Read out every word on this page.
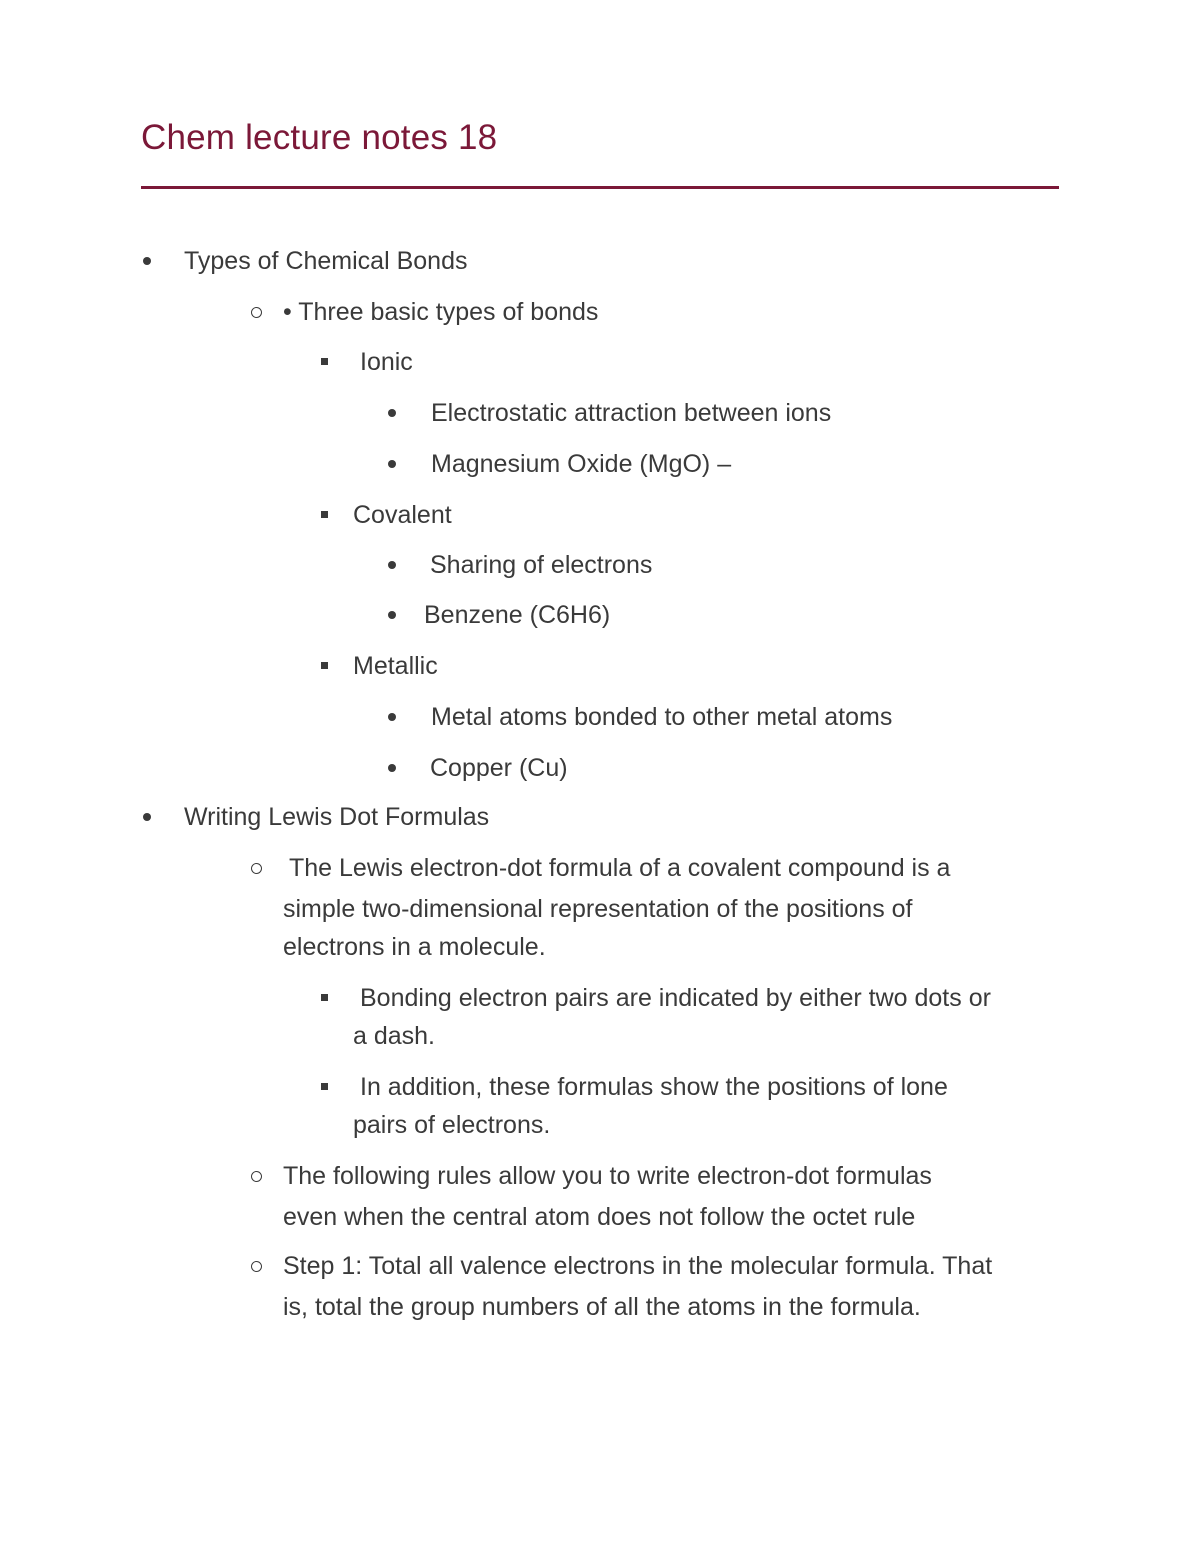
Chem lecture notes 18
Types of Chemical Bonds
• Three basic types of bonds
Ionic
Electrostatic attraction between ions
Magnesium Oxide (MgO) –
Covalent
Sharing of electrons
Benzene (C6H6)
Metallic
Metal atoms bonded to other metal atoms
Copper (Cu)
Writing Lewis Dot Formulas
The Lewis electron-dot formula of a covalent compound is a
simple two-dimensional representation of the positions of
electrons in a molecule.
Bonding electron pairs are indicated by either two dots or
a dash.
In addition, these formulas show the positions of lone
pairs of electrons.
The following rules allow you to write electron-dot formulas
even when the central atom does not follow the octet rule
Step 1: Total all valence electrons in the molecular formula. That
is, total the group numbers of all the atoms in the formula.
